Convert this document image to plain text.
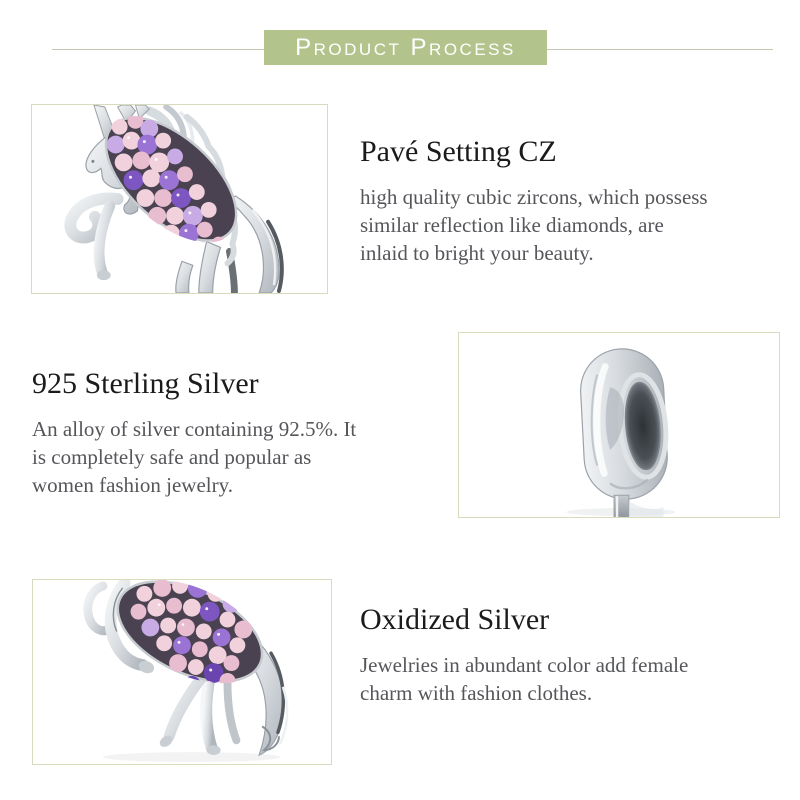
Product Process
Pavé Setting CZ
high quality cubic zircons, which possess
similar reflection like diamonds, are
inlaid to bright your beauty.
925 Sterling Silver
An alloy of silver containing 92.5%. It
is completely safe and popular as
women fashion jewelry.
Oxidized Silver
Jewelries in abundant color add female
charm with fashion clothes.
